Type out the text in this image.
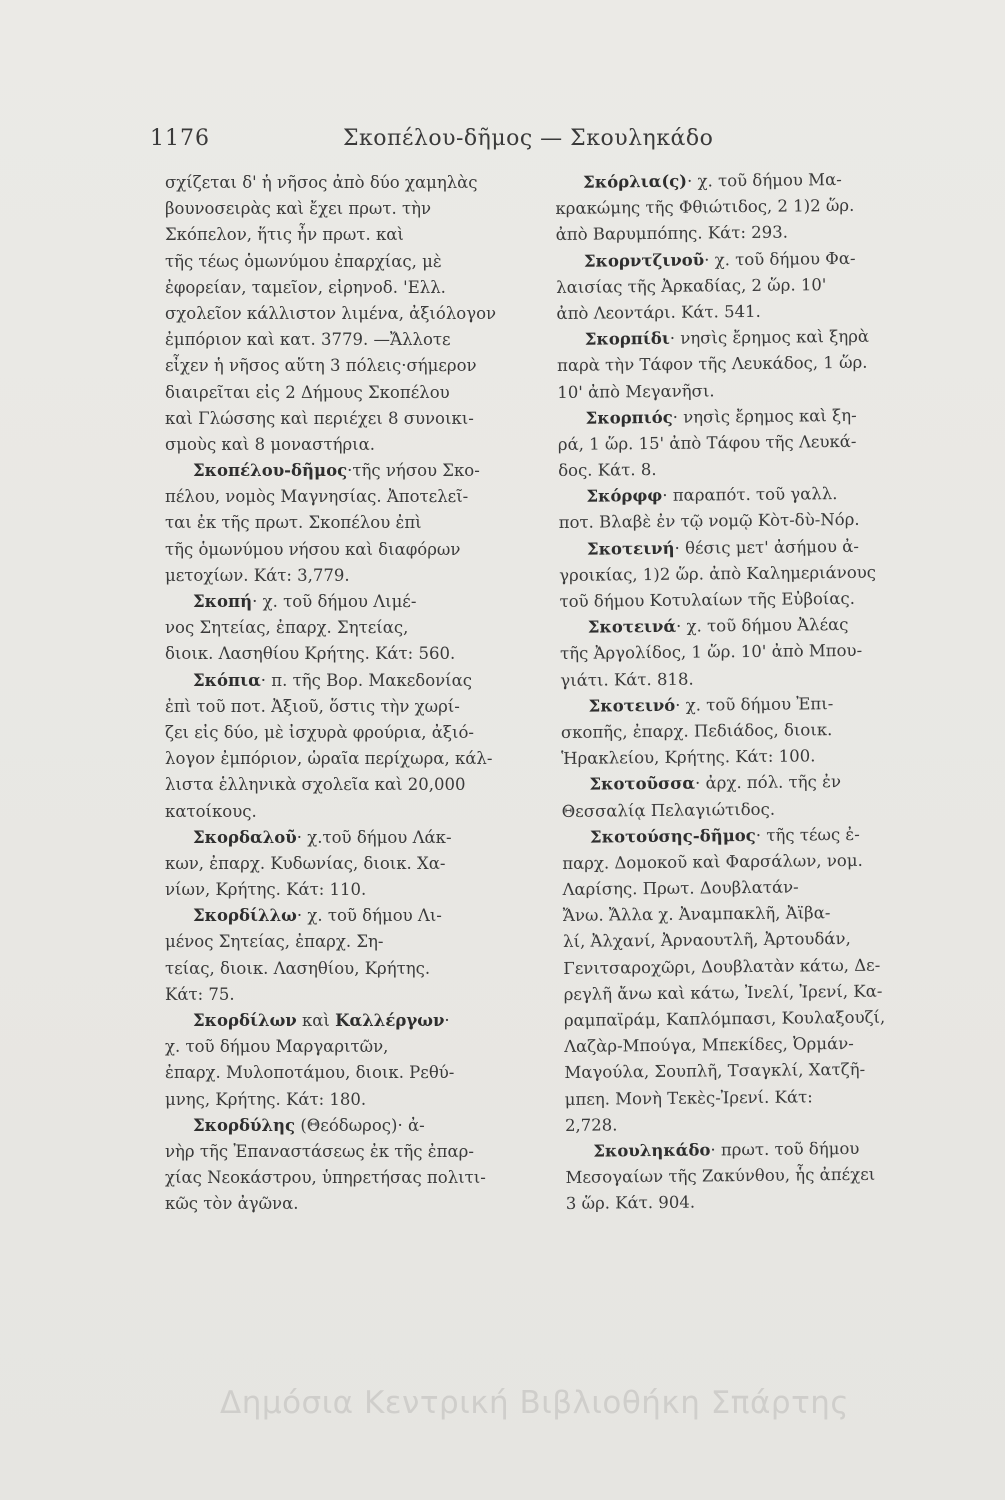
1176	Σκοπέλου-δῆμος — Σκουληκάδο
σχίζεται δ' ἡ νῆσος ἀπὸ δύο χαμηλὰς
βουνοσειρὰς καὶ ἔχει πρωτ. τὴν
Σκόπελον, ἥτις ἦν πρωτ. καὶ
τῆς τέως ὁμωνύμου ἐπαρχίας, μὲ
ἐφορείαν, ταμεῖον, εἰρηνοδ. 'Ελλ.
σχολεῖον κάλλιστον λιμένα, ἀξιόλογον
ἐμπόριον καὶ κατ. 3779. —Ἄλλοτε
εἶχεν ἡ νῆσος αὕτη 3 πόλεις·σήμερον
διαιρεῖται εἰς 2 Δήμους Σκοπέλου
καὶ Γλώσσης καὶ περιέχει 8 συνοικι-
σμοὺς καὶ 8 μοναστήρια.
Σκοπέλου-δῆμος·τῆς νήσου Σκο-
πέλου, νομὸς Μαγνησίας. Ἀποτελεῖ-
ται ἐκ τῆς πρωτ. Σκοπέλου ἐπὶ
τῆς ὁμωνύμου νήσου καὶ διαφόρων
μετοχίων. Κάτ: 3,779.
Σκοπή· χ. τοῦ δήμου Λιμέ-
νος Σητείας, ἐπαρχ. Σητείας,
διοικ. Λασηθίου Κρήτης. Κάτ: 560.
Σκόπια· π. τῆς Βορ. Μακεδονίας
ἐπὶ τοῦ ποτ. Ἀξιοῦ, ὅστις τὴν χωρί-
ζει εἰς δύο, μὲ ἰσχυρὰ φρούρια, ἀξιό-
λογον ἐμπόριον, ὡραῖα περίχωρα, κάλ-
λιστα ἑλληνικὰ σχολεῖα καὶ 20,000
κατοίκους.
Σκορδαλοῦ· χ.τοῦ δήμου Λάκ-
κων, ἐπαρχ. Κυδωνίας, διοικ. Χα-
νίων, Κρήτης. Κάτ: 110.
Σκορδίλλω· χ. τοῦ δήμου Λι-
μένος Σητείας, ἐπαρχ. Ση-
τείας, διοικ. Λασηθίου, Κρήτης.
Κάτ: 75.
Σκορδίλων καὶ Καλλέργων·
χ. τοῦ δήμου Μαργαριτῶν,
ἐπαρχ. Μυλοποτάμου, διοικ. Ρεθύ-
μνης, Κρήτης. Κάτ: 180.
Σκορδύλης (Θεόδωρος)· ἀ-
νὴρ τῆς Ἐπαναστάσεως ἐκ τῆς ἐπαρ-
χίας Νεοκάστρου, ὑπηρετήσας πολιτι-
κῶς τὸν ἀγῶνα.
Σκόρλια(ς)· χ. τοῦ δήμου Μα-
κρακώμης τῆς Φθιώτιδος, 2 1)2 ὥρ.
ἀπὸ Βαρυμπόπης. Κάτ: 293.
Σκορντζινοῦ· χ. τοῦ δήμου Φα-
λαισίας τῆς Ἀρκαδίας, 2 ὥρ. 10'
ἀπὸ Λεοντάρι. Κάτ. 541.
Σκορπίδι· νησὶς ἔρημος καὶ ξηρὰ
παρὰ τὴν Τάφον τῆς Λευκάδος, 1 ὥρ.
10' ἀπὸ Μεγανῆσι.
Σκορπιός· νησὶς ἔρημος καὶ ξη-
ρά, 1 ὥρ. 15' ἀπὸ Τάφου τῆς Λευκά-
δος. Κάτ. 8.
Σκόρφφ· παραπότ. τοῦ γαλλ.
ποτ. Βλαβὲ ἐν τῷ νομῷ Κὸτ-δὺ-Νόρ.
Σκοτεινή· θέσις μετ' ἀσήμου ἀ-
γροικίας, 1)2 ὥρ. ἀπὸ Καλημεριάνους
τοῦ δήμου Κοτυλαίων τῆς Εὐβοίας.
Σκοτεινά· χ. τοῦ δήμου Ἀλέας
τῆς Ἀργολίδος, 1 ὥρ. 10' ἀπὸ Μπου-
γιάτι. Κάτ. 818.
Σκοτεινό· χ. τοῦ δήμου Ἐπι-
σκοπῆς, ἐπαρχ. Πεδιάδος, διοικ.
Ἡρακλείου, Κρήτης. Κάτ: 100.
Σκοτοῦσσα· ἀρχ. πόλ. τῆς ἐν
Θεσσαλίᾳ Πελαγιώτιδος.
Σκοτούσης-δῆμος· τῆς τέως ἐ-
παρχ. Δομοκοῦ καὶ Φαρσάλων, νομ.
Λαρίσης. Πρωτ. Δουβλατάν-
Ἄνω. Ἄλλα χ. Ἀναμπακλῆ, Ἀϊβα-
λί, Ἀλχανί, Ἀρναουτλῆ, Ἀρτουδάν,
Γενιτσαροχῶρι, Δουβλατὰν κάτω, Δε-
ρεγλῆ ἄνω καὶ κάτω, Ἰνελί, Ἰρενί, Κα-
ραμπαϊράμ, Καπλόμπασι, Κουλαξουζί,
Λαζὰρ-Μπούγα, Μπεκίδες, Ὀρμάν-
Μαγούλα, Σουπλῆ, Τσαγκλί, Χατζῆ-
μπεη. Μονὴ Τεκὲς-Ἰρενί. Κάτ:
2,728.
Σκουληκάδο· πρωτ. τοῦ δήμου
Μεσογαίων τῆς Ζακύνθου, ἧς ἀπέχει
3 ὥρ. Κάτ. 904.
Δημόσια Κεντρική Βιβλιοθήκη Σπάρτης
